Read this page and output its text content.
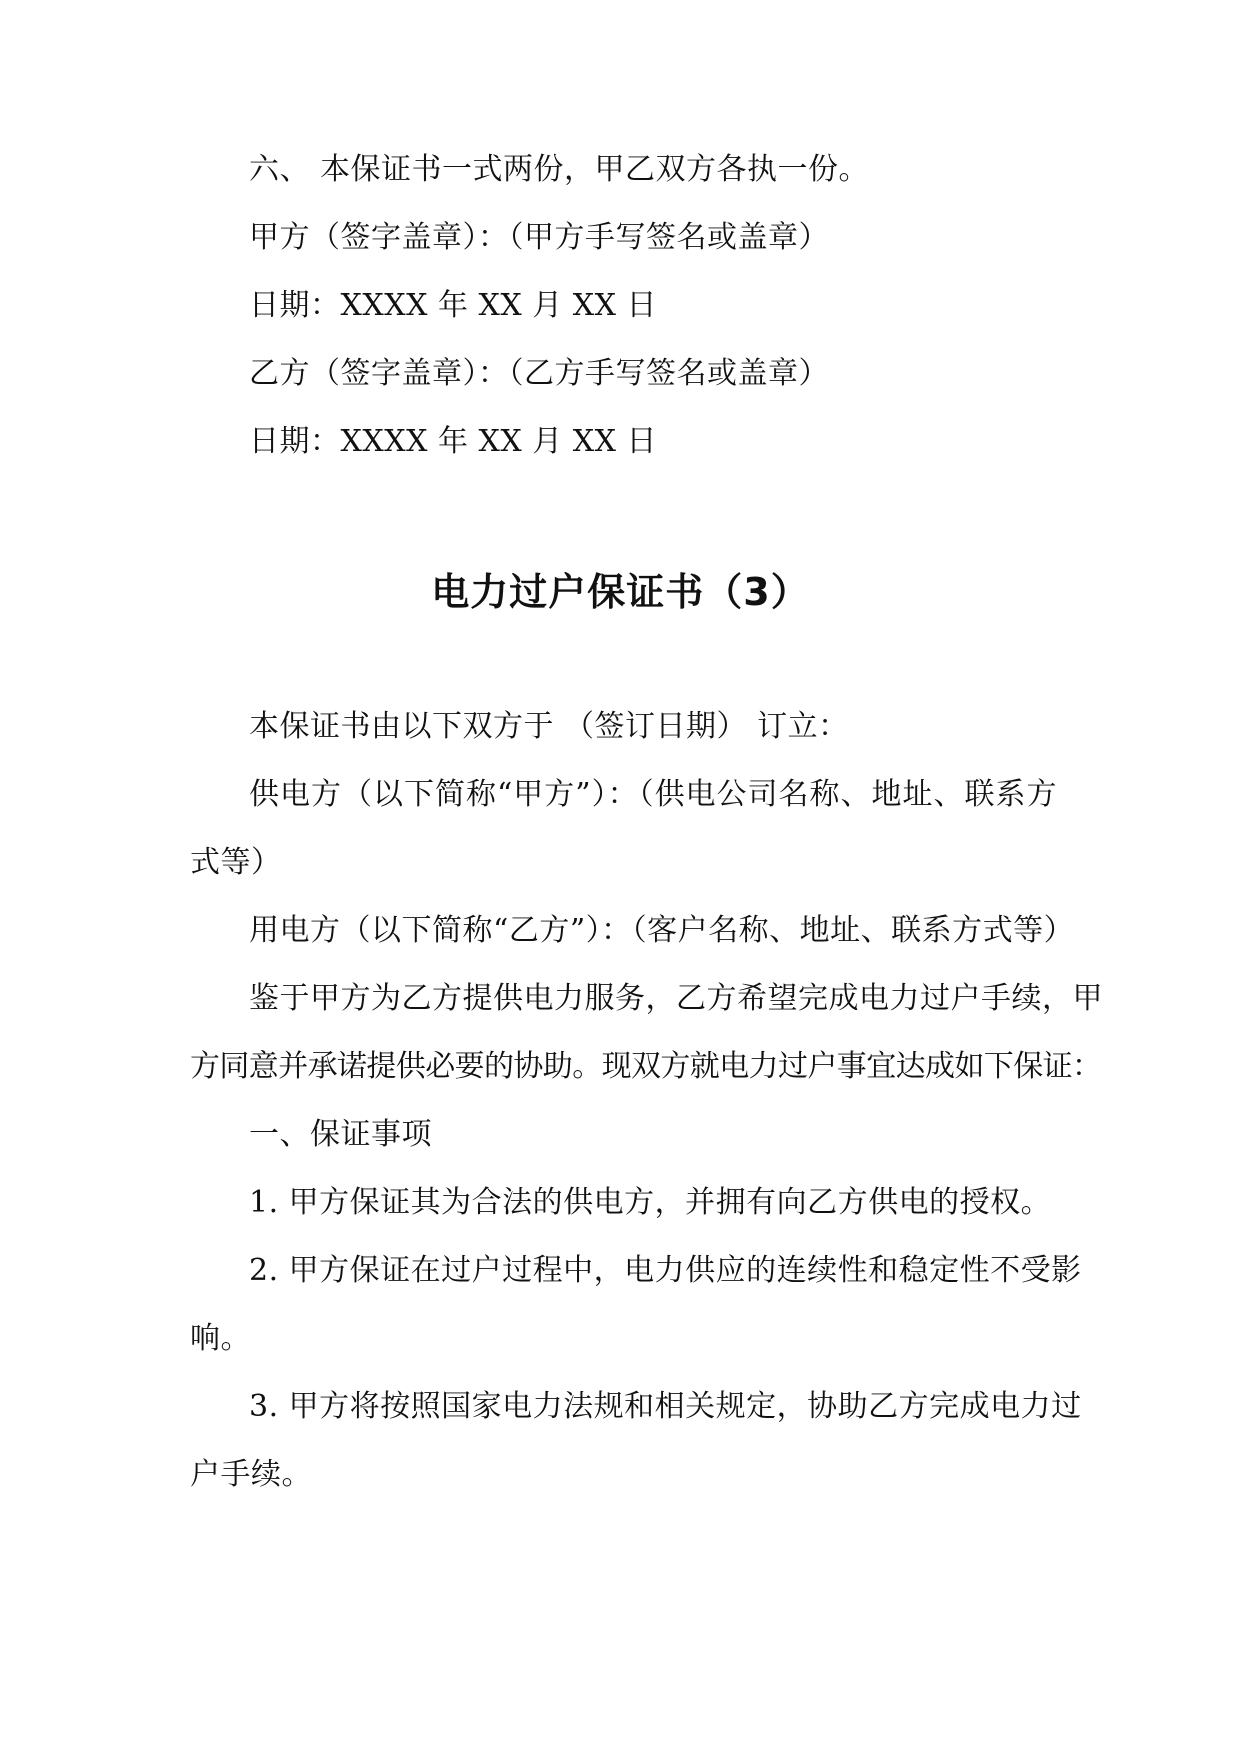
六、 本保证书一式两份，甲乙双方各执一份。
甲方（签字盖章）：（甲方手写签名或盖章）
日期：XXXX 年 XX 月 XX 日
乙方（签字盖章）：（乙方手写签名或盖章）
日期：XXXX 年 XX 月 XX 日
电力过户保证书（3）
本保证书由以下双方于 （签订日期） 订立：
供电方（以下简称“甲方”）：（供电公司名称、地址、联系方
式等）
用电方（以下简称“乙方”）：（客户名称、地址、联系方式等）
鉴于甲方为乙方提供电力服务，乙方希望完成电力过户手续，甲
方同意并承诺提供必要的协助。现双方就电力过户事宜达成如下保证：
一、保证事项
1. 甲方保证其为合法的供电方，并拥有向乙方供电的授权。
2. 甲方保证在过户过程中，电力供应的连续性和稳定性不受影
响。
3. 甲方将按照国家电力法规和相关规定，协助乙方完成电力过
户手续。
